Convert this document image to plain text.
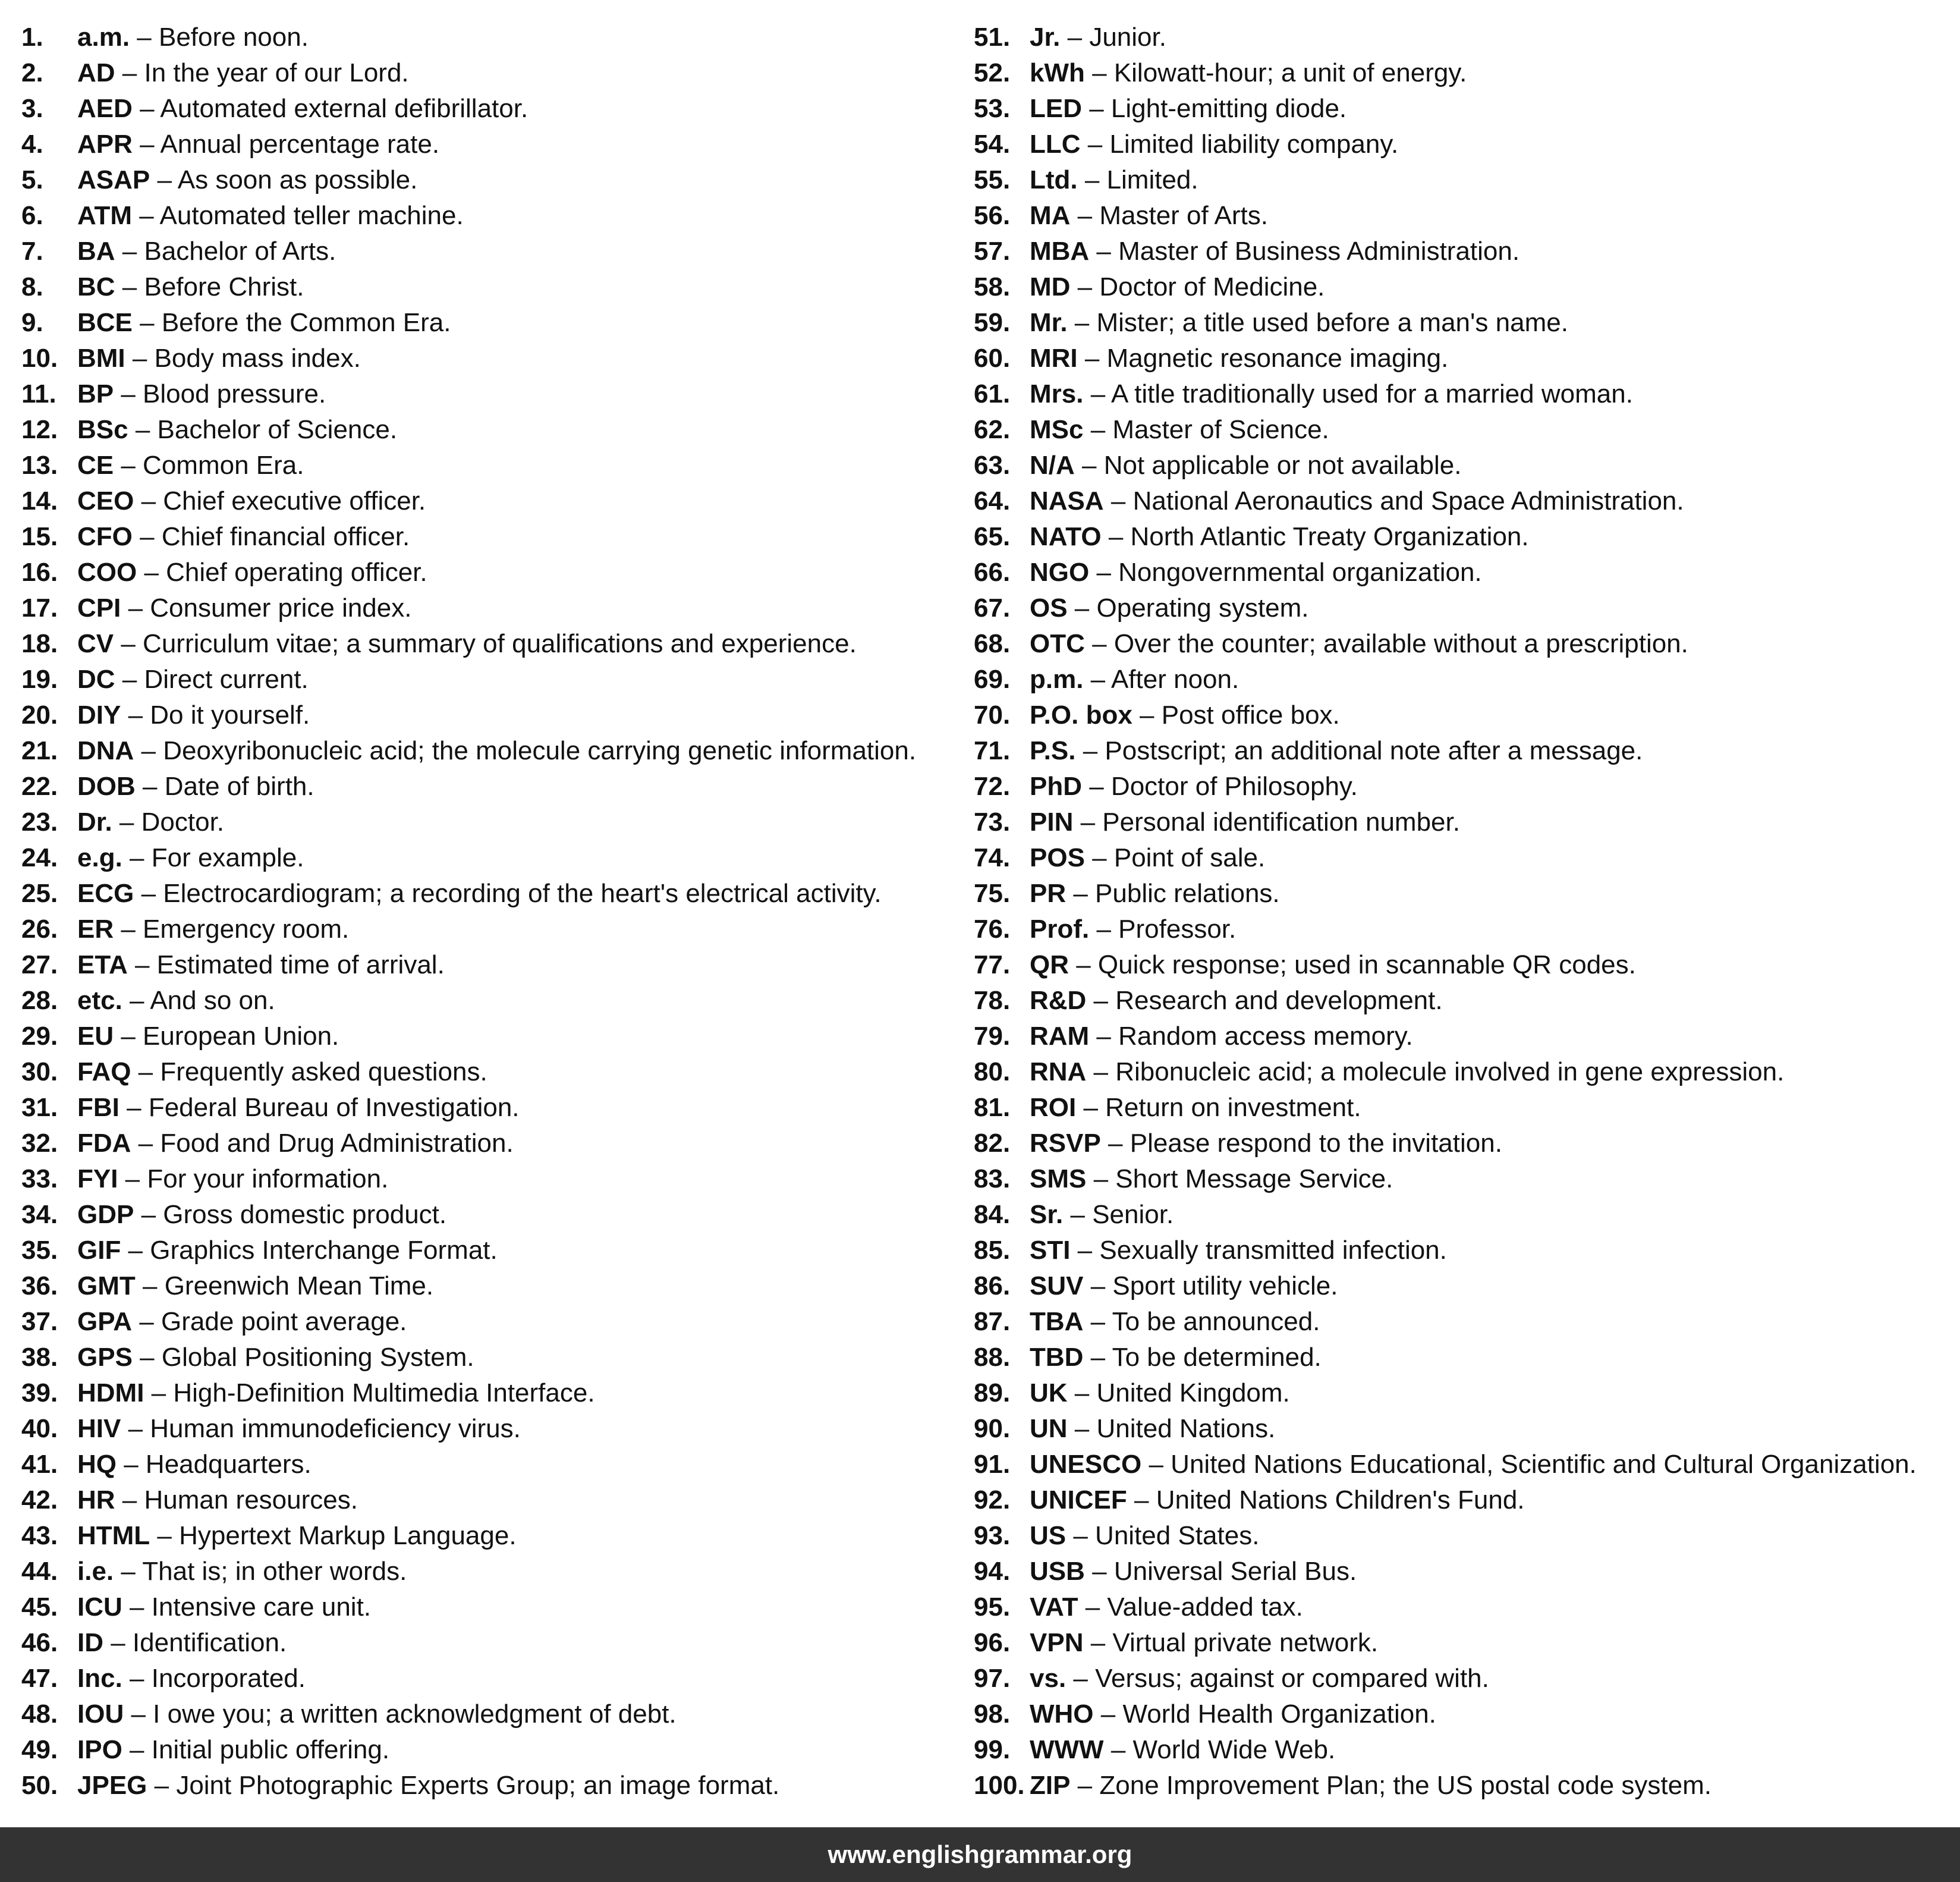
1.	a.m. – Before noon.
2.	AD – In the year of our Lord.
3.	AED – Automated external defibrillator.
4.	APR – Annual percentage rate.
5.	ASAP – As soon as possible.
6.	ATM – Automated teller machine.
7.	BA – Bachelor of Arts.
8.	BC – Before Christ.
9.	BCE – Before the Common Era.
10. BMI – Body mass index.
11. BP – Blood pressure.
12. BSc – Bachelor of Science.
13. CE – Common Era.
14. CEO – Chief executive officer.
15. CFO – Chief financial officer.
16. COO – Chief operating officer.
17. CPI – Consumer price index.
18. CV – Curriculum vitae; a summary of qualifications and experience.
19. DC – Direct current.
20. DIY – Do it yourself.
21. DNA – Deoxyribonucleic acid; the molecule carrying genetic information.
22. DOB – Date of birth.
23. Dr. – Doctor.
24. e.g. – For example.
25. ECG – Electrocardiogram; a recording of the heart's electrical activity.
26. ER – Emergency room.
27. ETA – Estimated time of arrival.
28. etc. – And so on.
29. EU – European Union.
30. FAQ – Frequently asked questions.
31. FBI – Federal Bureau of Investigation.
32. FDA – Food and Drug Administration.
33. FYI – For your information.
34. GDP – Gross domestic product.
35. GIF – Graphics Interchange Format.
36. GMT – Greenwich Mean Time.
37. GPA – Grade point average.
38. GPS – Global Positioning System.
39. HDMI – High-Definition Multimedia Interface.
40. HIV – Human immunodeficiency virus.
41. HQ – Headquarters.
42. HR – Human resources.
43. HTML – Hypertext Markup Language.
44. i.e. – That is; in other words.
45. ICU – Intensive care unit.
46. ID – Identification.
47. Inc. – Incorporated.
48. IOU – I owe you; a written acknowledgment of debt.
49. IPO – Initial public offering.
50. JPEG – Joint Photographic Experts Group; an image format.
51. Jr. – Junior.
52. kWh – Kilowatt-hour; a unit of energy.
53. LED – Light-emitting diode.
54. LLC – Limited liability company.
55. Ltd. – Limited.
56. MA – Master of Arts.
57. MBA – Master of Business Administration.
58. MD – Doctor of Medicine.
59. Mr. – Mister; a title used before a man's name.
60. MRI – Magnetic resonance imaging.
61. Mrs. – A title traditionally used for a married woman.
62. MSc – Master of Science.
63. N/A – Not applicable or not available.
64. NASA – National Aeronautics and Space Administration.
65. NATO – North Atlantic Treaty Organization.
66. NGO – Nongovernmental organization.
67. OS – Operating system.
68. OTC – Over the counter; available without a prescription.
69. p.m. – After noon.
70. P.O. box – Post office box.
71. P.S. – Postscript; an additional note after a message.
72. PhD – Doctor of Philosophy.
73. PIN – Personal identification number.
74. POS – Point of sale.
75. PR – Public relations.
76. Prof. – Professor.
77. QR – Quick response; used in scannable QR codes.
78. R&D – Research and development.
79. RAM – Random access memory.
80. RNA – Ribonucleic acid; a molecule involved in gene expression.
81. ROI – Return on investment.
82. RSVP – Please respond to the invitation.
83. SMS – Short Message Service.
84. Sr. – Senior.
85. STI – Sexually transmitted infection.
86. SUV – Sport utility vehicle.
87. TBA – To be announced.
88. TBD – To be determined.
89. UK – United Kingdom.
90. UN – United Nations.
91. UNESCO – United Nations Educational, Scientific and Cultural Organization.
92. UNICEF – United Nations Children's Fund.
93. US – United States.
94. USB – Universal Serial Bus.
95. VAT – Value-added tax.
96. VPN – Virtual private network.
97. vs. – Versus; against or compared with.
98. WHO – World Health Organization.
99. WWW – World Wide Web.
100. ZIP – Zone Improvement Plan; the US postal code system.
www.englishgrammar.org
